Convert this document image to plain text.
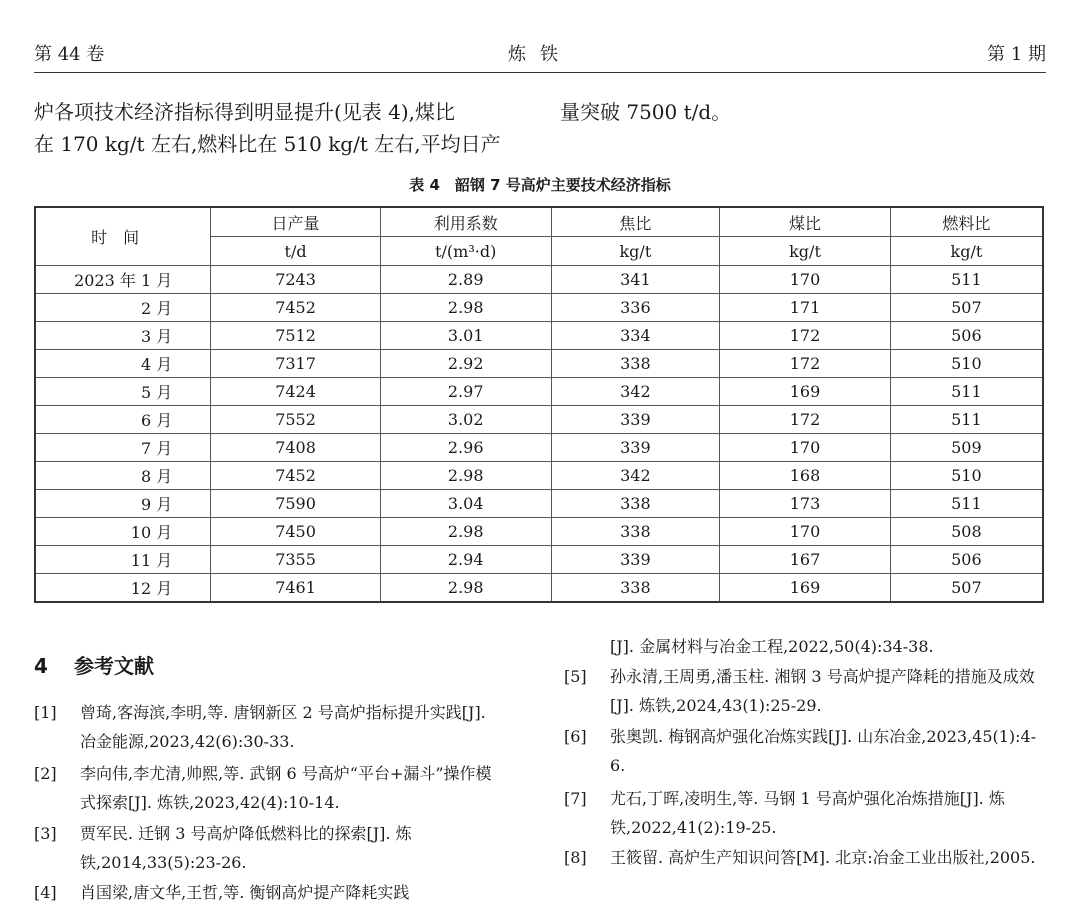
第 44 卷	炼铁	第 1 期
炉各项技术经济指标得到明显提升(见表 4),煤比
在 170 kg/t 左右,燃料比在 510 kg/t 左右,平均日产
量突破 7500 t/d。
表 4　韶钢 7 号高炉主要技术经济指标
时间	日产量	利用系数	焦比	煤比	燃料比
	t/d	t/(m³·d)	kg/t	kg/t	kg/t
2023 年 1 月	7243	2.89	341	170	511
2 月	7452	2.98	336	171	507
3 月	7512	3.01	334	172	506
4 月	7317	2.92	338	172	510
5 月	7424	2.97	342	169	511
6 月	7552	3.02	339	172	511
7 月	7408	2.96	339	170	509
8 月	7452	2.98	342	168	510
9 月	7590	3.04	338	173	511
10 月	7450	2.98	338	170	508
11 月	7355	2.94	339	167	506
12 月	7461	2.98	338	169	507
4 参考文献
[1] 曾琦,客海滨,李明,等. 唐钢新区 2 号高炉指标提升实践[J]. 冶金能源,2023,42(6):30-33.
[2] 李向伟,李尤清,帅熙,等. 武钢 6 号高炉“平台+漏斗”操作模式探索[J]. 炼铁,2023,42(4):10-14.
[3] 贾军民. 迁钢 3 号高炉降低燃料比的探索[J]. 炼铁,2014,33(5):23-26.
[4] 肖国梁,唐文华,王哲,等. 衡钢高炉提产降耗实践
[J]. 金属材料与冶金工程,2022,50(4):34-38.
[5] 孙永清,王周勇,潘玉柱. 湘钢 3 号高炉提产降耗的措施及成效[J]. 炼铁,2024,43(1):25-29.
[6] 张奥凯. 梅钢高炉强化冶炼实践[J]. 山东冶金,2023,45(1):4-6.
[7] 尤石,丁晖,凌明生,等. 马钢 1 号高炉强化冶炼措施[J]. 炼铁,2022,41(2):19-25.
[8] 王筱留. 高炉生产知识问答[M]. 北京:冶金工业出版社,2005.
